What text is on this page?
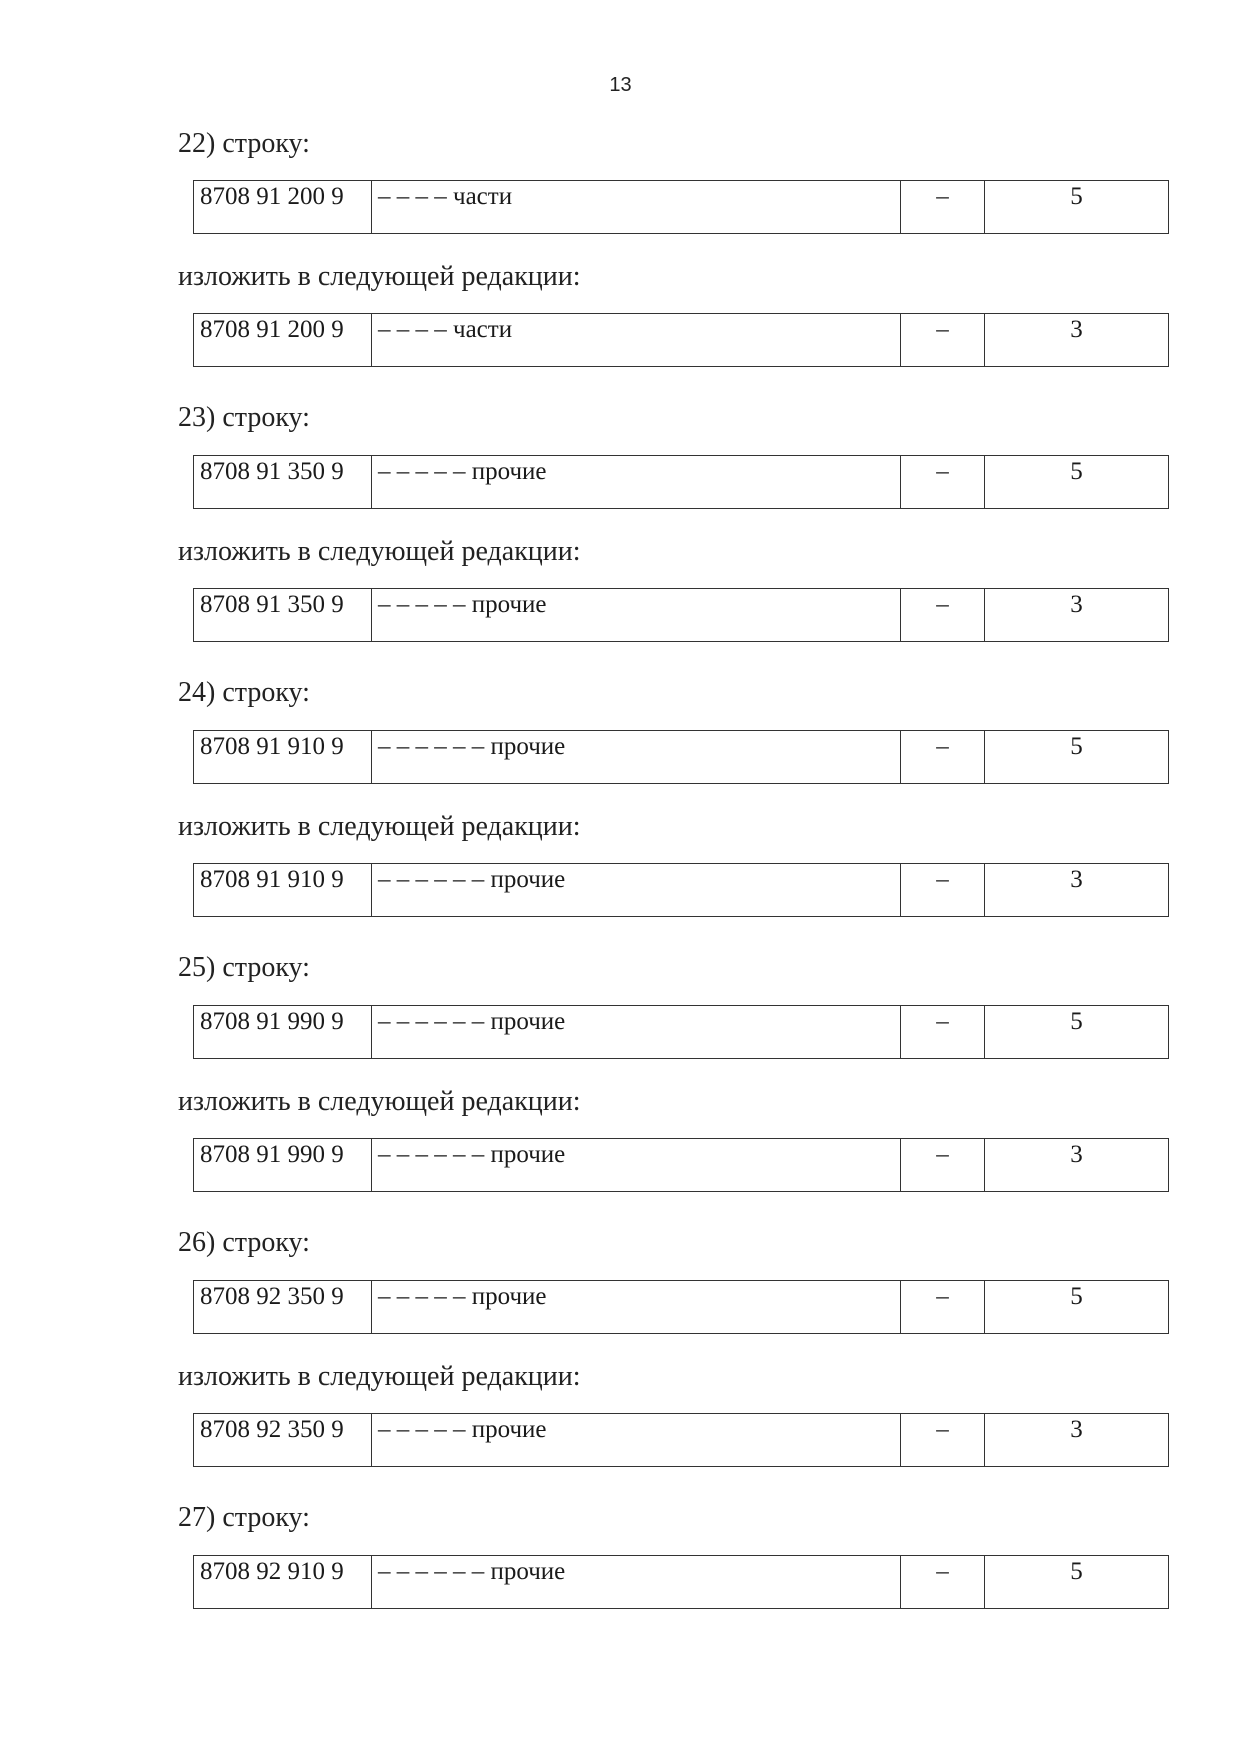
13
22) строку:
8708 91 200 9	– – – – части	–	5
изложить в следующей редакции:
8708 91 200 9	– – – – части	–	3
23) строку:
8708 91 350 9	– – – – – прочие	–	5
изложить в следующей редакции:
8708 91 350 9	– – – – – прочие	–	3
24) строку:
8708 91 910 9	– – – – – – прочие	–	5
изложить в следующей редакции:
8708 91 910 9	– – – – – – прочие	–	3
25) строку:
8708 91 990 9	– – – – – – прочие	–	5
изложить в следующей редакции:
8708 91 990 9	– – – – – – прочие	–	3
26) строку:
8708 92 350 9	– – – – – прочие	–	5
изложить в следующей редакции:
8708 92 350 9	– – – – – прочие	–	3
27) строку:
8708 92 910 9	– – – – – – прочие	–	5
